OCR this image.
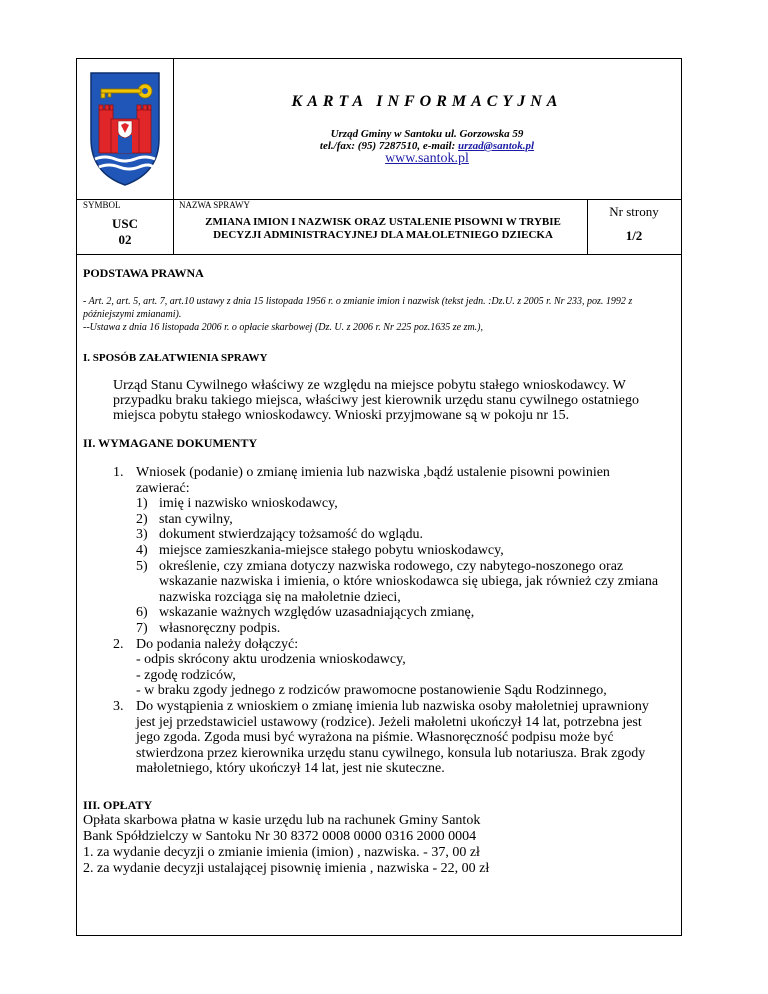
KARTA INFORMACYJNA
Urząd Gminy w Santoku ul. Gorzowska 59
tel./fax: (95) 7287510, e-mail: urzad@santok.pl
www.santok.pl
SYMBOL
USC
02
NAZWA SPRAWY
ZMIANA IMION I NAZWISK ORAZ USTALENIE PISOWNI W TRYBIE DECYZJI ADMINISTRACYJNEJ DLA MAŁOLETNIEGO DZIECKA
Nr strony
1/2
PODSTAWA PRAWNA
- Art. 2, art. 5, art. 7, art.10 ustawy z dnia 15 listopada 1956 r. o zmianie imion i nazwisk (tekst jedn. :Dz.U. z 2005 r. Nr 233, poz. 1992 z późniejszymi zmianami).
--Ustawa z dnia 16 listopada 2006 r. o opłacie skarbowej (Dz. U. z 2006 r. Nr 225 poz.1635 ze zm.),
I. SPOSÓB ZAŁATWIENIA SPRAWY
Urząd Stanu Cywilnego właściwy ze względu na miejsce pobytu stałego wnioskodawcy. W przypadku braku takiego miejsca, właściwy jest kierownik urzędu stanu cywilnego ostatniego miejsca pobytu stałego wnioskodawcy. Wnioski przyjmowane są w pokoju nr 15.
II. WYMAGANE DOKUMENTY
1. Wniosek (podanie) o zmianę imienia lub nazwiska ,bądź ustalenie pisowni powinien zawierać:
1) imię i nazwisko wnioskodawcy,
2) stan cywilny,
3) dokument stwierdzający tożsamość do wglądu.
4) miejsce zamieszkania-miejsce stałego pobytu wnioskodawcy,
5) określenie, czy zmiana dotyczy nazwiska rodowego, czy nabytego-noszonego oraz wskazanie nazwiska i imienia, o które wnioskodawca się ubiega, jak również czy zmiana nazwiska rozciąga się na małoletnie dzieci,
6) wskazanie ważnych względów uzasadniających zmianę,
7) własnoręczny podpis.
2. Do podania należy dołączyć:
- odpis skrócony aktu urodzenia wnioskodawcy,
- zgodę rodziców,
- w braku zgody jednego z rodziców prawomocne postanowienie Sądu Rodzinnego,
3. Do wystąpienia z wnioskiem o zmianę imienia lub nazwiska osoby małoletniej uprawniony jest jej przedstawiciel ustawowy (rodzice). Jeżeli małoletni ukończył 14 lat, potrzebna jest jego zgoda. Zgoda musi być wyrażona na piśmie. Własnoręczność podpisu może być stwierdzona przez kierownika urzędu stanu cywilnego, konsula lub notariusza. Brak zgody małoletniego, który ukończył 14 lat, jest nie skuteczne.
III. OPŁATY
Opłata skarbowa płatna w kasie urzędu lub na rachunek Gminy Santok
Bank Spółdzielczy w Santoku Nr 30 8372 0008 0000 0316 2000 0004
1. za wydanie decyzji o zmianie imienia (imion) , nazwiska. - 37, 00 zł
2. za wydanie decyzji ustalającej pisownię imienia , nazwiska - 22, 00 zł
